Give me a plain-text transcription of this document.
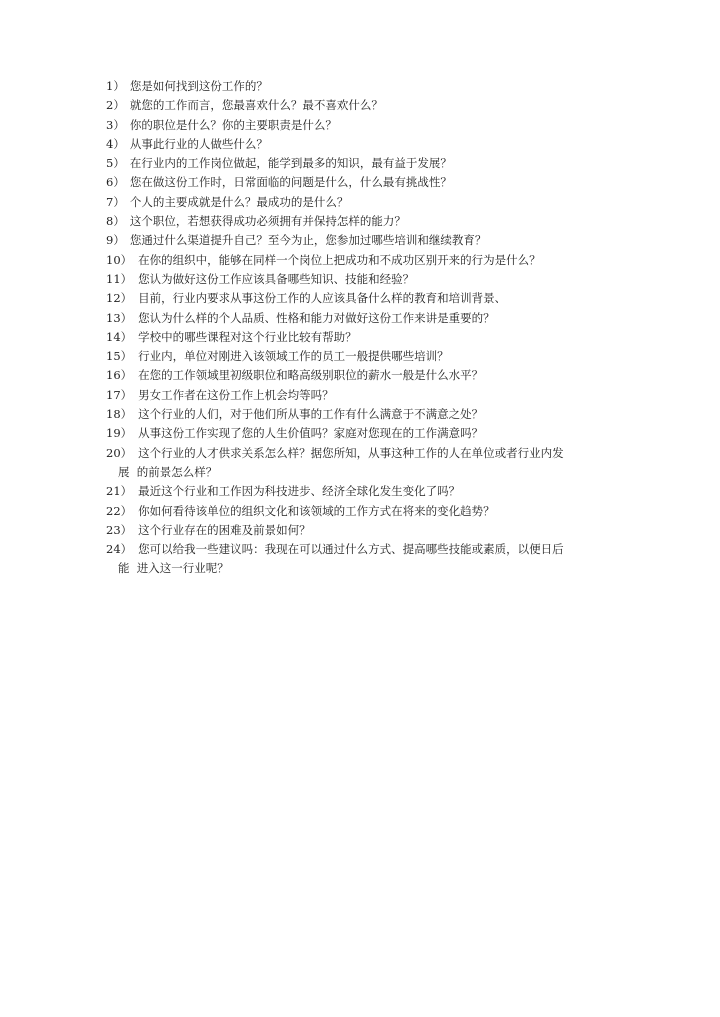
1） 您是如何找到这份工作的？
2） 就您的工作而言，您最喜欢什么？最不喜欢什么？
3） 你的职位是什么？你的主要职责是什么？
4） 从事此行业的人做些什么？
5） 在行业内的工作岗位做起，能学到最多的知识，最有益于发展？
6） 您在做这份工作时，日常面临的问题是什么，什么最有挑战性？
7） 个人的主要成就是什么？最成功的是什么？
8） 这个职位，若想获得成功必须拥有并保持怎样的能力？
9） 您通过什么渠道提升自己？至今为止，您参加过哪些培训和继续教育？
10） 在你的组织中，能够在同样一个岗位上把成功和不成功区别开来的行为是什么？
11） 您认为做好这份工作应该具备哪些知识、技能和经验？
12） 目前，行业内要求从事这份工作的人应该具备什么样的教育和培训背景、
13） 您认为什么样的个人品质、性格和能力对做好这份工作来讲是重要的？
14） 学校中的哪些课程对这个行业比较有帮助？
15） 行业内，单位对刚进入该领域工作的员工一般提供哪些培训？
16） 在您的工作领域里初级职位和略高级别职位的薪水一般是什么水平？
17） 男女工作者在这份工作上机会均等吗？
18） 这个行业的人们，对于他们所从事的工作有什么满意于不满意之处？
19） 从事这份工作实现了您的人生价值吗？家庭对您现在的工作满意吗？
20） 这个行业的人才供求关系怎么样？据您所知，从事这种工作的人在单位或者行业内发
展  的前景怎么样？
21） 最近这个行业和工作因为科技进步、经济全球化发生变化了吗？
22） 你如何看待该单位的组织文化和该领域的工作方式在将来的变化趋势？
23） 这个行业存在的困难及前景如何？
24） 您可以给我一些建议吗：我现在可以通过什么方式、提高哪些技能或素质，以便日后
能  进入这一行业呢？
